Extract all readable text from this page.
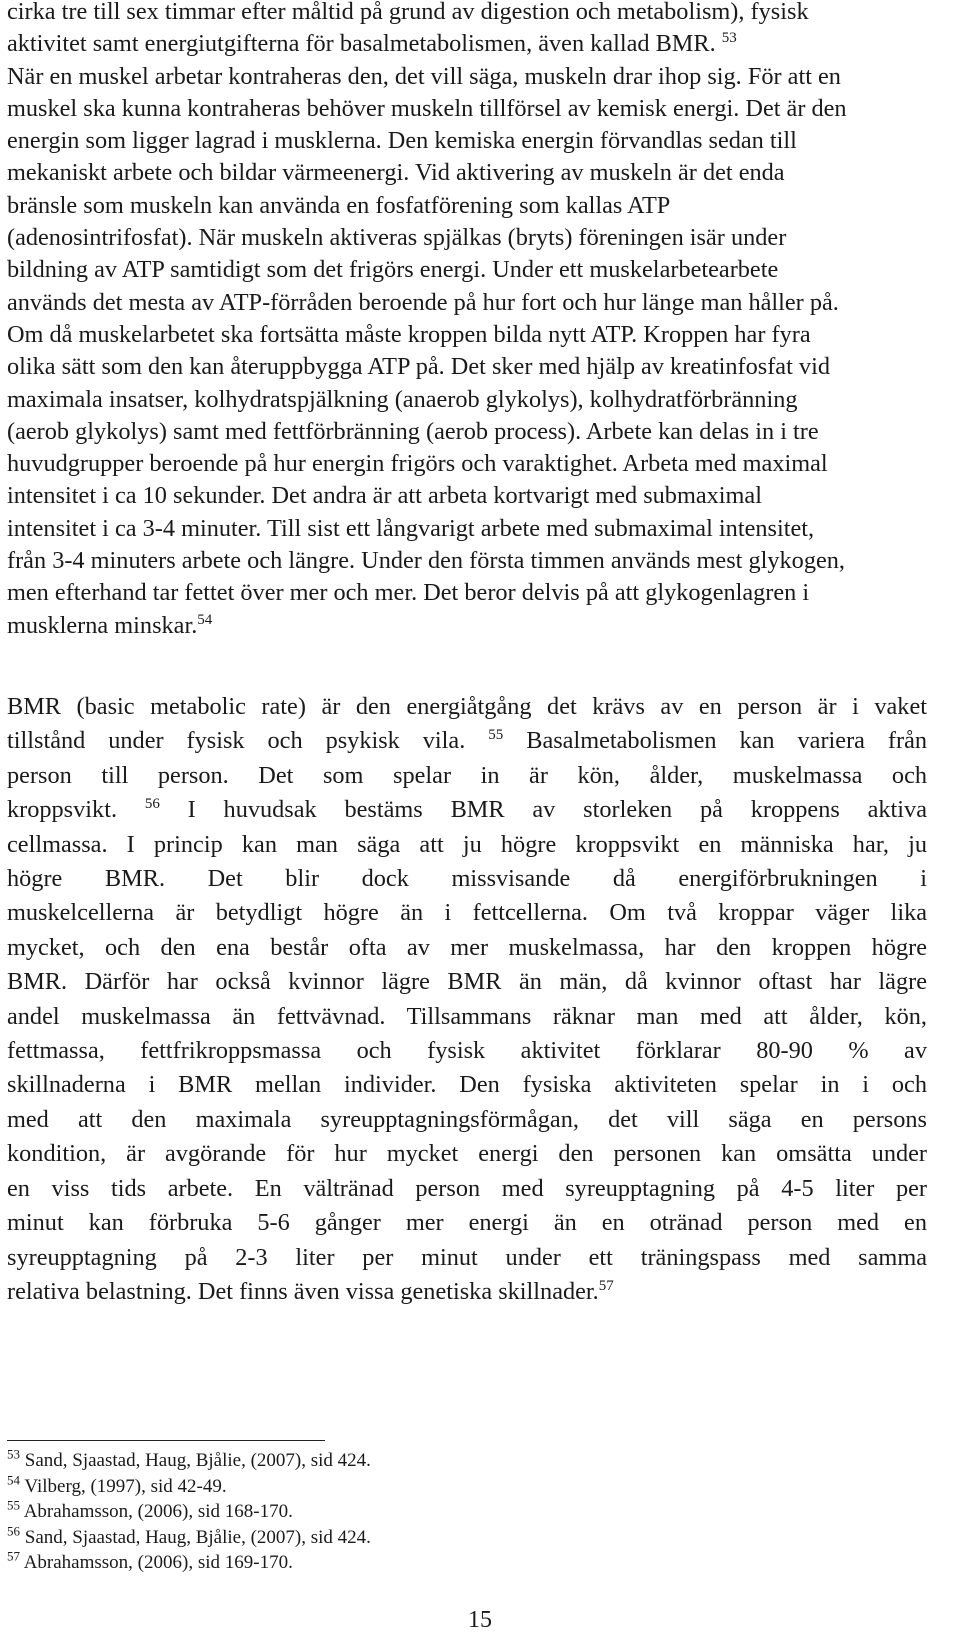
cirka tre till sex timmar efter måltid på grund av digestion och metabolism), fysisk
aktivitet samt energiutgifterna för basalmetabolismen, även kallad BMR. $^{53}$
När en muskel arbetar kontraheras den, det vill säga, muskeln drar ihop sig. För att en
muskel ska kunna kontraheras behöver muskeln tillförsel av kemisk energi. Det är den
energin som ligger lagrad i musklerna. Den kemiska energin förvandlas sedan till
mekaniskt arbete och bildar värmeenergi. Vid aktivering av muskeln är det enda
bränsle som muskeln kan använda en fosfatförening som kallas ATP
(adenosintrifosfat). När muskeln aktiveras spjälkas (bryts) föreningen isär under
bildning av ATP samtidigt som det frigörs energi. Under ett muskelarbetearbete
används det mesta av ATP-förråden beroende på hur fort och hur länge man håller på.
Om då muskelarbetet ska fortsätta måste kroppen bilda nytt ATP. Kroppen har fyra
olika sätt som den kan återuppbygga ATP på. Det sker med hjälp av kreatinfosfat vid
maximala insatser, kolhydratspjälkning (anaerob glykolys), kolhydratförbränning
(aerob glykolys) samt med fettförbränning (aerob process). Arbete kan delas in i tre
huvudgrupper beroende på hur energin frigörs och varaktighet. Arbeta med maximal
intensitet i ca 10 sekunder. Det andra är att arbeta kortvarigt med submaximal
intensitet i ca 3-4 minuter. Till sist ett långvarigt arbete med submaximal intensitet,
från 3-4 minuters arbete och längre. Under den första timmen används mest glykogen,
men efterhand tar fettet över mer och mer. Det beror delvis på att glykogenlagren i
musklerna minskar.$^{54}$
BMR (basic metabolic rate) är den energiåtgång det krävs av en person är i vaket
tillstånd under fysisk och psykisk vila. $^{55}$ Basalmetabolismen kan variera från
person till person. Det som spelar in är kön, ålder, muskelmassa och
kroppsvikt. $^{56}$ I huvudsak bestäms BMR av storleken på kroppens aktiva
cellmassa. I princip kan man säga att ju högre kroppsvikt en människa har, ju
högre BMR. Det blir dock missvisande då energiförbrukningen i
muskelcellerna är betydligt högre än i fettcellerna. Om två kroppar väger lika
mycket, och den ena består ofta av mer muskelmassa, har den kroppen högre
BMR. Därför har också kvinnor lägre BMR än män, då kvinnor oftast har lägre
andel muskelmassa än fettvävnad. Tillsammans räknar man med att ålder, kön,
fettmassa, fettfrikroppsmassa och fysisk aktivitet förklarar 80-90 % av
skillnaderna i BMR mellan individer. Den fysiska aktiviteten spelar in i och
med att den maximala syreupptagningsförmågan, det vill säga en persons
kondition, är avgörande för hur mycket energi den personen kan omsätta under
en viss tids arbete. En vältränad person med syreupptagning på 4-5 liter per
minut kan förbruka 5-6 gånger mer energi än en otränad person med en
syreupptagning på 2-3 liter per minut under ett träningspass med samma
relativa belastning. Det finns även vissa genetiska skillnader.$^{57}$
$^{53}$ Sand, Sjaastad, Haug, Bjålie, (2007), sid 424.
$^{54}$ Vilberg, (1997), sid 42-49.
$^{55}$ Abrahamsson, (2006), sid 168-170.
$^{56}$ Sand, Sjaastad, Haug, Bjålie, (2007), sid 424.
$^{57}$ Abrahamsson, (2006), sid 169-170.
15
